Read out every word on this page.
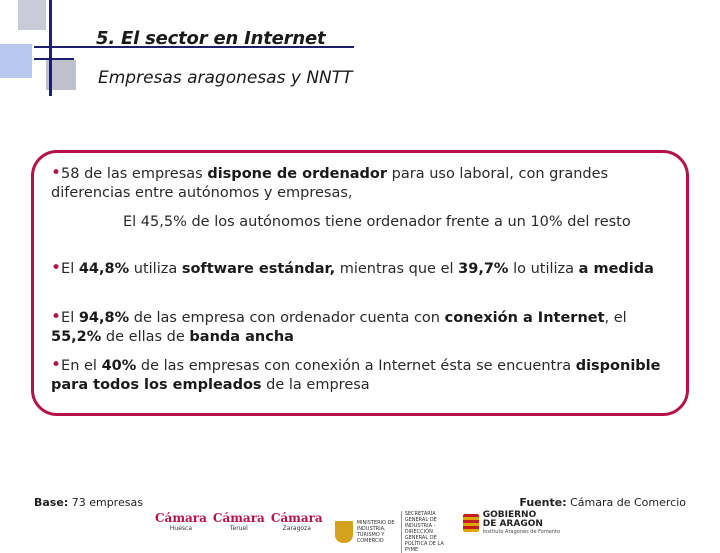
5. El sector en Internet
Empresas aragonesas y NNTT
•58 de las empresas dispone de ordenador para uso laboral, con grandes diferencias entre autónomos y empresas,
El 45,5% de los autónomos tiene ordenador frente a un 10% del resto
•El 44,8% utiliza software estándar, mientras que el 39,7% lo utiliza a medida
•El 94,8% de las empresa con ordenador cuenta con conexión a Internet, el 55,2% de ellas de banda ancha
•En el 40% de las empresas con conexión a Internet ésta se encuentra disponible para todos los empleados de la empresa
Base: 73 empresas	Fuente: Cámara de Comercio
Cámara
Huesca
Cámara
Teruel
Cámara
Zaragoza
MINISTERIO DE INDUSTRIA, TURISMO Y COMERCIO
SECRETARÍA GENERAL DE INDUSTRIA · DIRECCIÓN GENERAL DE POLÍTICA DE LA PYME
GOBIERNO
DE ARAGON
Instituto Aragonés de Fomento
